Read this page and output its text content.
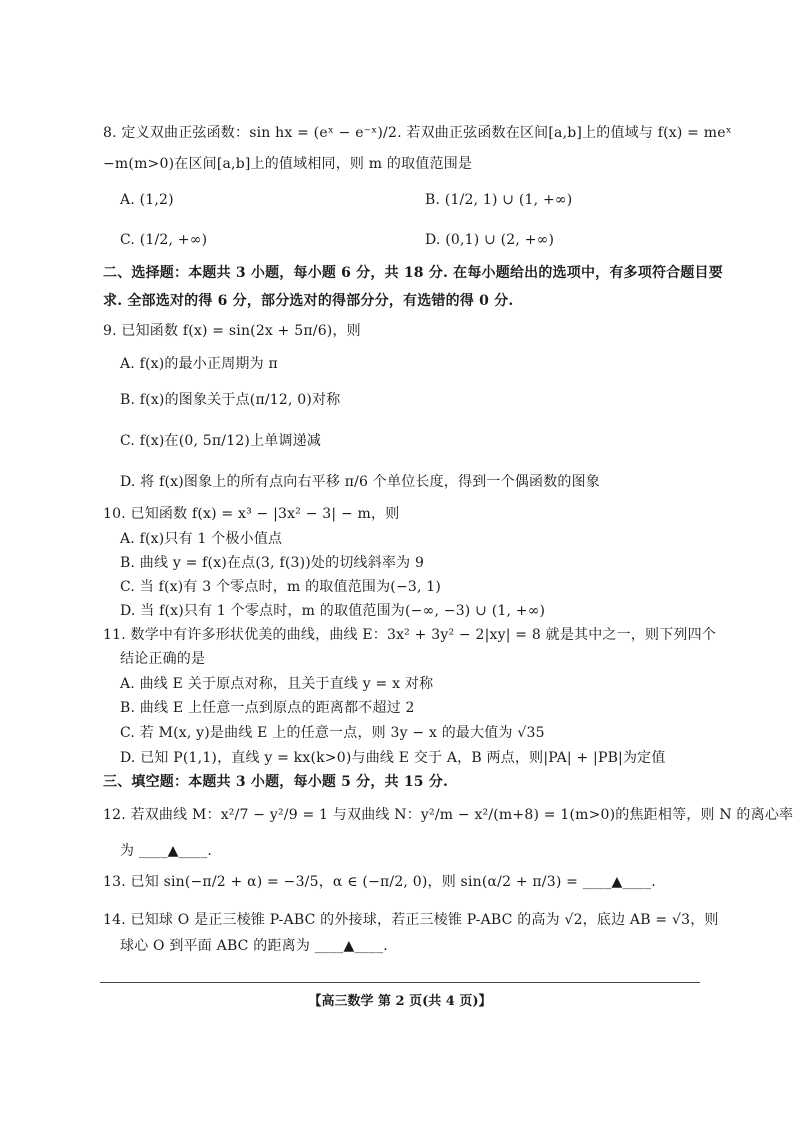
8. 定义双曲正弦函数：sin hx = (eˣ − e⁻ˣ)/2. 若双曲正弦函数在区间[a,b]上的值域与 f(x) = meˣ
−m(m>0)在区间[a,b]上的值域相同，则 m 的取值范围是
A. (1,2)	B. (1/2, 1) ∪ (1, +∞)
C. (1/2, +∞)	D. (0,1) ∪ (2, +∞)
二、选择题：本题共 3 小题，每小题 6 分，共 18 分. 在每小题给出的选项中，有多项符合题目要
求. 全部选对的得 6 分，部分选对的得部分分，有选错的得 0 分.
9. 已知函数 f(x) = sin(2x + 5π/6)，则
A. f(x)的最小正周期为 π
B. f(x)的图象关于点(π/12, 0)对称
C. f(x)在(0, 5π/12)上单调递减
D. 将 f(x)图象上的所有点向右平移 π/6 个单位长度，得到一个偶函数的图象
10. 已知函数 f(x) = x³ − |3x² − 3| − m，则
A. f(x)只有 1 个极小值点
B. 曲线 y = f(x)在点(3, f(3))处的切线斜率为 9
C. 当 f(x)有 3 个零点时，m 的取值范围为(−3, 1)
D. 当 f(x)只有 1 个零点时，m 的取值范围为(−∞, −3) ∪ (1, +∞)
11. 数学中有许多形状优美的曲线，曲线 E：3x² + 3y² − 2|xy| = 8 就是其中之一，则下列四个
结论正确的是
A. 曲线 E 关于原点对称，且关于直线 y = x 对称
B. 曲线 E 上任意一点到原点的距离都不超过 2
C. 若 M(x, y)是曲线 E 上的任意一点，则 3y − x 的最大值为 √35
D. 已知 P(1,1)，直线 y = kx(k>0)与曲线 E 交于 A，B 两点，则|PA| + |PB|为定值
三、填空题：本题共 3 小题，每小题 5 分，共 15 分.
12. 若双曲线 M：x²/7 − y²/9 = 1 与双曲线 N：y²/m − x²/(m+8) = 1(m>0)的焦距相等，则 N 的离心率
为 ____▲____.
13. 已知 sin(−π/2 + α) = −3/5，α ∈ (−π/2, 0)，则 sin(α/2 + π/3) = ____▲____.
14. 已知球 O 是正三棱锥 P-ABC 的外接球，若正三棱锥 P-ABC 的高为 √2，底边 AB = √3，则
球心 O 到平面 ABC 的距离为 ____▲____.
【高三数学 第 2 页(共 4 页)】
